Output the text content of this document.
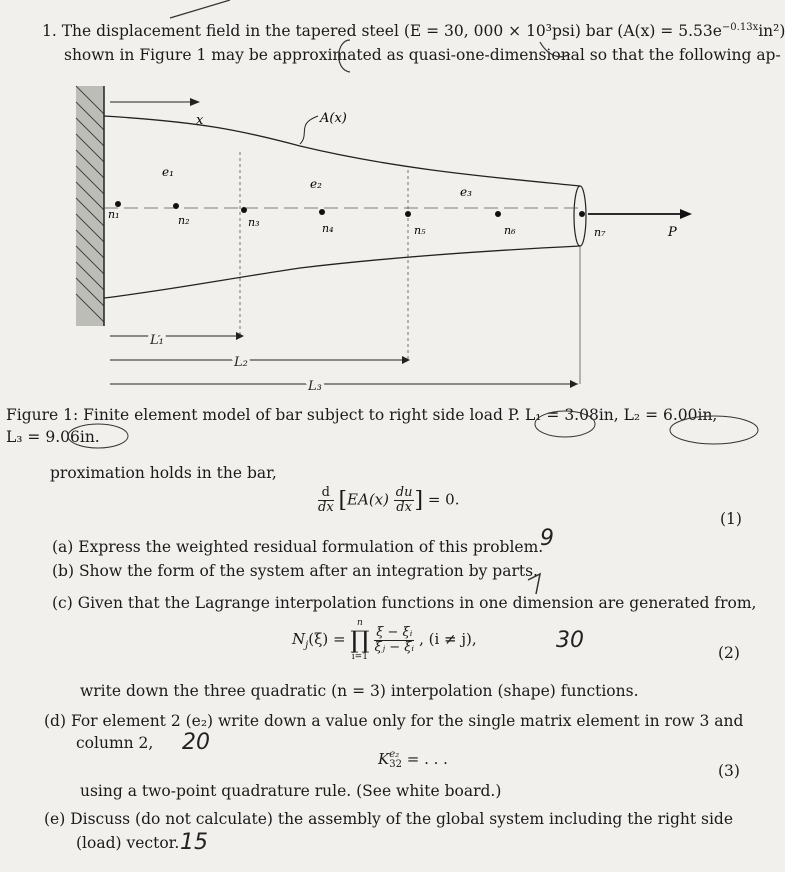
1. The displacement field in the tapered steel (E = 30, 000 × 10³psi) bar $(A(x) = 5.53e^{-0.13x}in^2)$
shown in Figure 1 may be approximated as quasi-one-dimensional so that the following ap-
x	A(x)
e₁
e₂
e₃
n₁	n₂	n₃	n₄	n₅	n₆	n₇	P
L₁
L₂
L₃
Figure 1: Finite element model of bar subject to right side load P. L₁ = 3.08in, L₂ = 6.00in,
L₃ = 9.06in.
proximation holds in the bar,
$\frac{d}{dx} [EA(x) \frac{du}{dx}$ ] = 0.
(1)
(a) Express the weighted residual formulation of this problem.
(b) Show the form of the system after an integration by parts.
(c) Given that the Lagrange interpolation functions in one dimension are generated from,
$N_j(\xi)$ =
n
∏
i=1

$\frac{\text{ξ − ξᵢ}}{\text{ξⱼ − ξᵢ}}$ , (i ≠ j),
(2)
write down the three quadratic (n = 3) interpolation (shape) functions.
(d) For element 2 (e₂) write down a value only for the single matrix element in row 3 and
column 2,
K e₂
32 = . . .
(3)
using a two-point quadrature rule. (See white board.)
(e) Discuss (do not calculate) the assembly of the global system including the right side
(load) vector.
9
30
20
15
